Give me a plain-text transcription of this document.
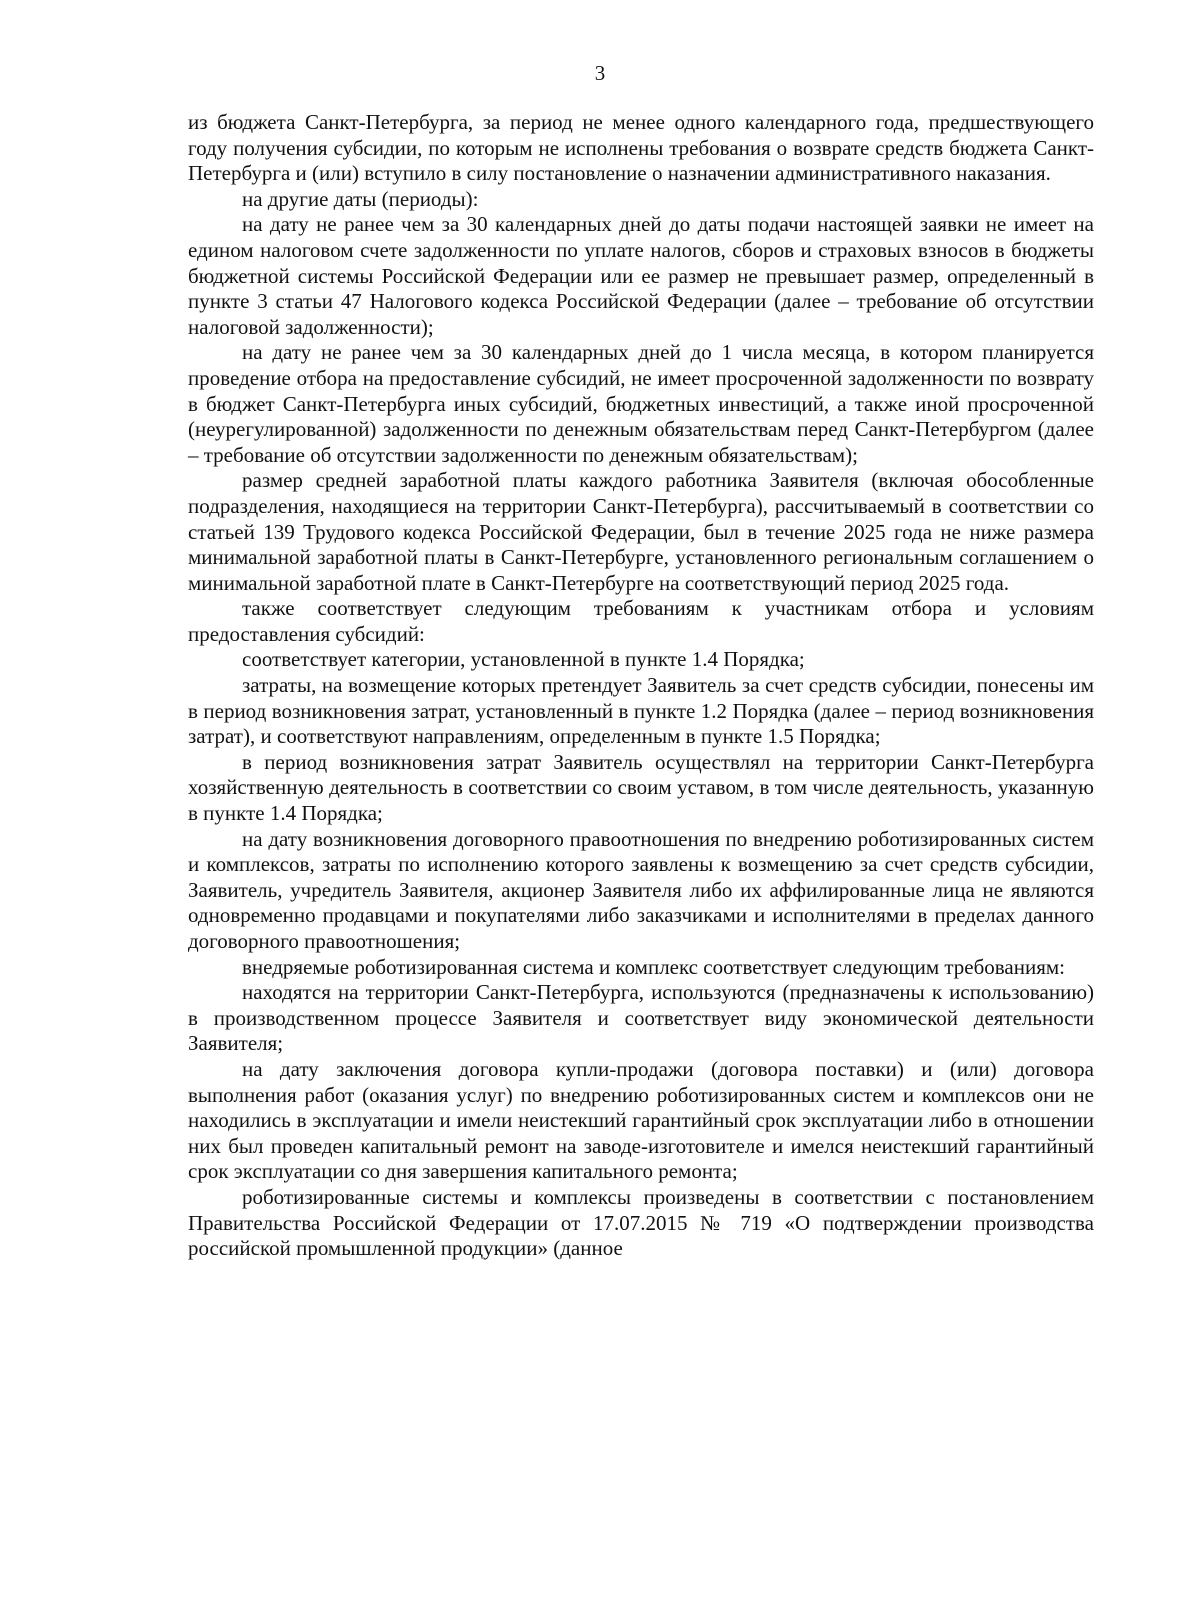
3

из бюджета Санкт-Петербурга, за период не менее одного календарного года, предшествующего году получения субсидии, по которым не исполнены требования о возврате средств бюджета Санкт-Петербурга и (или) вступило в силу постановление о назначении административного наказания.

на другие даты (периоды):

на дату не ранее чем за 30 календарных дней до даты подачи настоящей заявки не имеет на едином налоговом счете задолженности по уплате налогов, сборов и страховых взносов в бюджеты бюджетной системы Российской Федерации или ее размер не превышает размер, определенный в пункте 3 статьи 47 Налогового кодекса Российской Федерации (далее – требование об отсутствии налоговой задолженности);

на дату не ранее чем за 30 календарных дней до 1 числа месяца, в котором планируется проведение отбора на предоставление субсидий, не имеет просроченной задолженности по возврату в бюджет Санкт-Петербурга иных субсидий, бюджетных инвестиций, а также иной просроченной (неурегулированной) задолженности по денежным обязательствам перед Санкт-Петербургом (далее – требование об отсутствии задолженности по денежным обязательствам);

размер средней заработной платы каждого работника Заявителя (включая обособленные подразделения, находящиеся на территории Санкт-Петербурга), рассчитываемый в соответствии со статьей 139 Трудового кодекса Российской Федерации, был в течение 2025 года не ниже размера минимальной заработной платы в Санкт-Петербурге, установленного региональным соглашением о минимальной заработной плате в Санкт-Петербурге на соответствующий период 2025 года.

также соответствует следующим требованиям к участникам отбора и условиям предоставления субсидий:

соответствует категории, установленной в пункте 1.4 Порядка;

затраты, на возмещение которых претендует Заявитель за счет средств субсидии, понесены им в период возникновения затрат, установленный в пункте 1.2 Порядка (далее – период возникновения затрат), и соответствуют направлениям, определенным в пункте 1.5 Порядка;

в период возникновения затрат Заявитель осуществлял на территории Санкт-Петербурга хозяйственную деятельность в соответствии со своим уставом, в том числе деятельность, указанную в пункте 1.4 Порядка;

на дату возникновения договорного правоотношения по внедрению роботизированных систем и комплексов, затраты по исполнению которого заявлены к возмещению за счет средств субсидии, Заявитель, учредитель Заявителя, акционер Заявителя либо их аффилированные лица не являются одновременно продавцами и покупателями либо заказчиками и исполнителями в пределах данного договорного правоотношения;

внедряемые роботизированная система и комплекс соответствует следующим требованиям:

находятся на территории Санкт-Петербурга, используются (предназначены к использованию) в производственном процессе Заявителя и соответствует виду экономической деятельности Заявителя;

на дату заключения договора купли-продажи (договора поставки) и (или) договора выполнения работ (оказания услуг) по внедрению роботизированных систем и комплексов они не находились в эксплуатации и имели неистекший гарантийный срок эксплуатации либо в отношении них был проведен капитальный ремонт на заводе-изготовителе и имелся неистекший гарантийный срок эксплуатации со дня завершения капитального ремонта;

роботизированные системы и комплексы произведены в соответствии с постановлением Правительства Российской Федерации от 17.07.2015 № 719 «О подтверждении производства российской промышленной продукции» (данное
